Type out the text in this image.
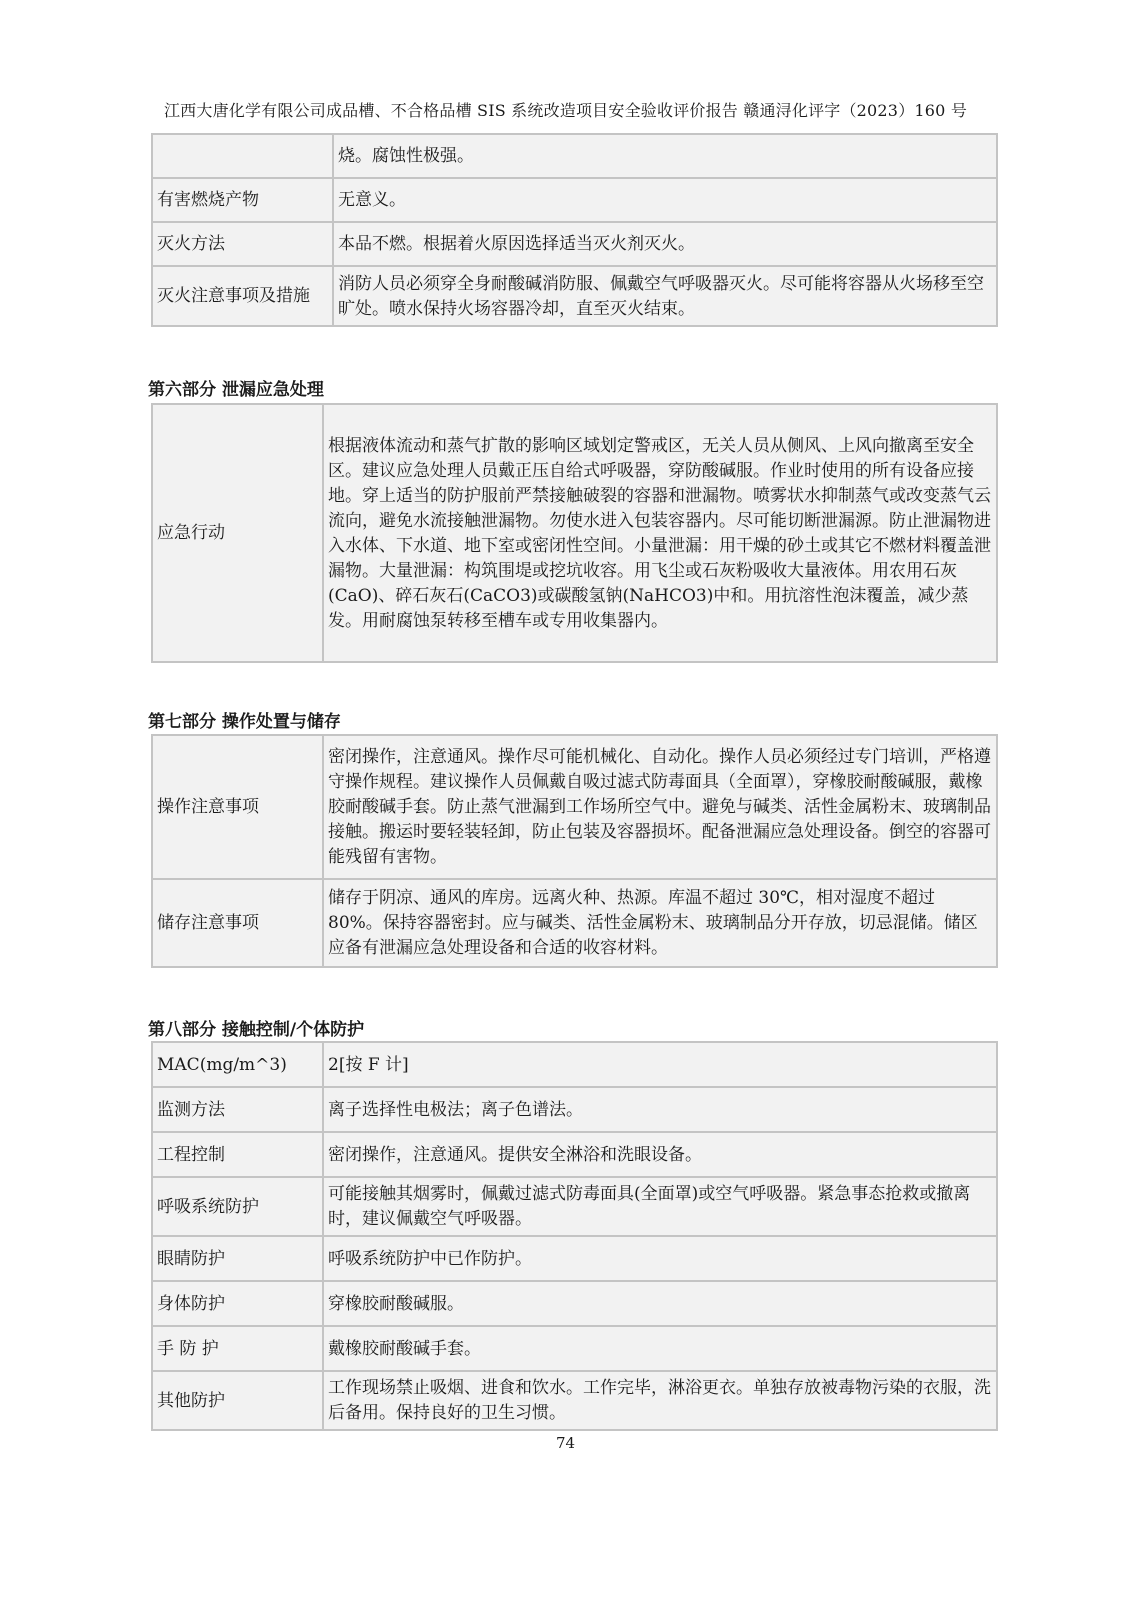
江西大唐化学有限公司成品槽、不合格品槽 SIS 系统改造项目安全验收评价报告 赣通浔化评字（2023）160 号
	烧。腐蚀性极强。
有害燃烧产物	无意义。
灭火方法	本品不燃。根据着火原因选择适当灭火剂灭火。
灭火注意事项及措施	消防人员必须穿全身耐酸碱消防服、佩戴空气呼吸器灭火。尽可能将容器从火场移至空旷处。喷水保持火场容器冷却，直至灭火结束。
第六部分 泄漏应急处理
应急行动	根据液体流动和蒸气扩散的影响区域划定警戒区，无关人员从侧风、上风向撤离至安全区。建议应急处理人员戴正压自给式呼吸器，穿防酸碱服。作业时使用的所有设备应接地。穿上适当的防护服前严禁接触破裂的容器和泄漏物。喷雾状水抑制蒸气或改变蒸气云流向，避免水流接触泄漏物。勿使水进入包装容器内。尽可能切断泄漏源。防止泄漏物进入水体、下水道、地下室或密闭性空间。小量泄漏：用干燥的砂土或其它不燃材料覆盖泄漏物。大量泄漏：构筑围堤或挖坑收容。用飞尘或石灰粉吸收大量液体。用农用石灰(CaO)、碎石灰石(CaCO3)或碳酸氢钠(NaHCO3)中和。用抗溶性泡沫覆盖，减少蒸发。用耐腐蚀泵转移至槽车或专用收集器内。
第七部分 操作处置与储存
操作注意事项	密闭操作，注意通风。操作尽可能机械化、自动化。操作人员必须经过专门培训，严格遵守操作规程。建议操作人员佩戴自吸过滤式防毒面具（全面罩），穿橡胶耐酸碱服，戴橡胶耐酸碱手套。防止蒸气泄漏到工作场所空气中。避免与碱类、活性金属粉末、玻璃制品接触。搬运时要轻装轻卸，防止包装及容器损坏。配备泄漏应急处理设备。倒空的容器可能残留有害物。
储存注意事项	储存于阴凉、通风的库房。远离火种、热源。库温不超过 30℃，相对湿度不超过 80%。保持容器密封。应与碱类、活性金属粉末、玻璃制品分开存放，切忌混储。储区应备有泄漏应急处理设备和合适的收容材料。
第八部分 接触控制/个体防护
MAC(mg/m^3)	2[按 F 计]
监测方法	离子选择性电极法；离子色谱法。
工程控制	密闭操作，注意通风。提供安全淋浴和洗眼设备。
呼吸系统防护	可能接触其烟雾时，佩戴过滤式防毒面具(全面罩)或空气呼吸器。紧急事态抢救或撤离时，建议佩戴空气呼吸器。
眼睛防护	呼吸系统防护中已作防护。
身体防护	穿橡胶耐酸碱服。
手 防 护	戴橡胶耐酸碱手套。
其他防护	工作现场禁止吸烟、进食和饮水。工作完毕，淋浴更衣。单独存放被毒物污染的衣服，洗后备用。保持良好的卫生习惯。
74
